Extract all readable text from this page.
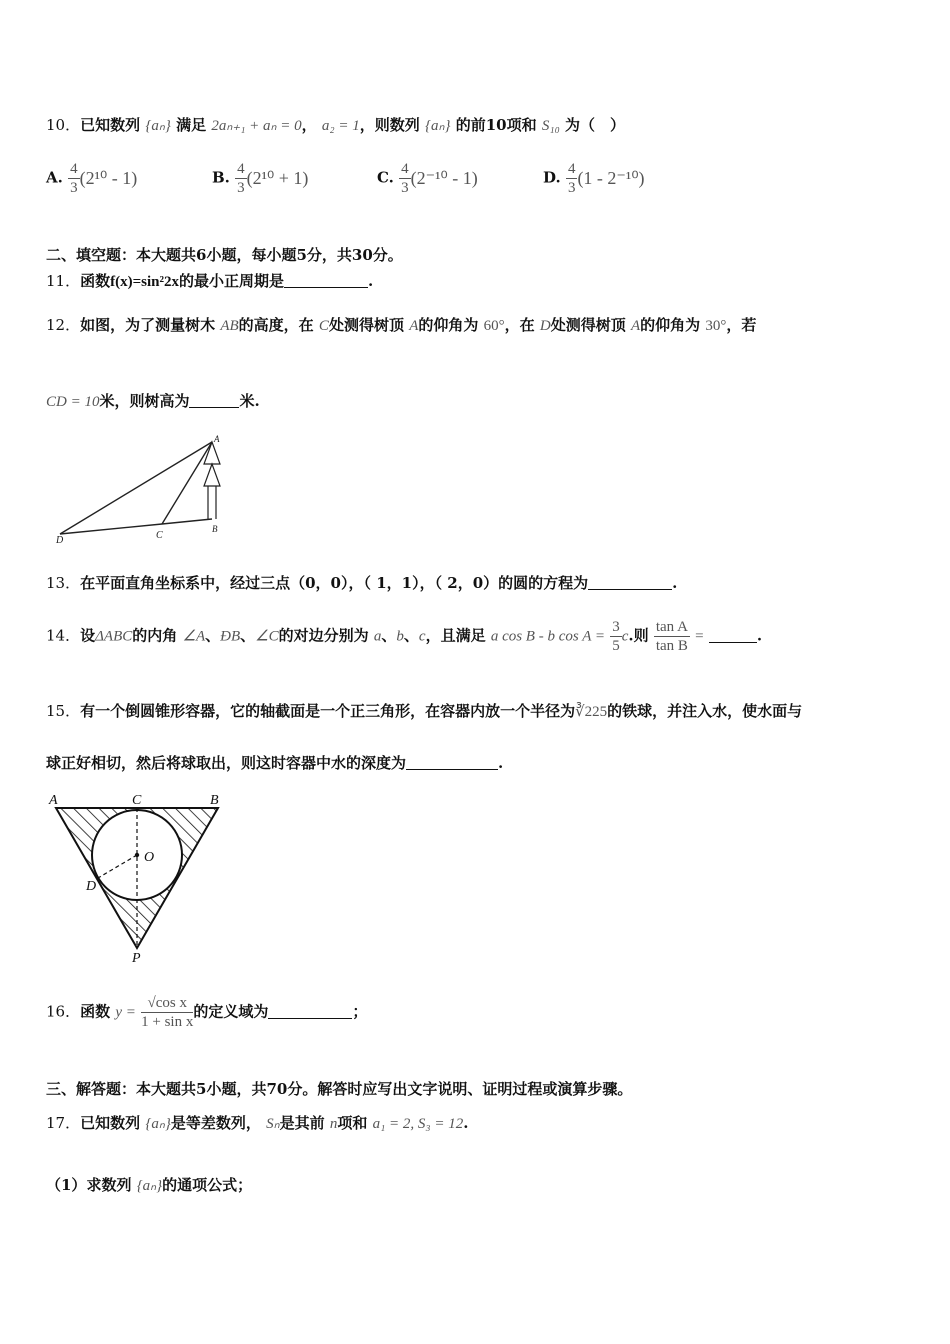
10．已知数列 {aₙ} 满足 2aₙ₊₁ + aₙ = 0， a₂ = 1，则数列 {aₙ} 的前10项和 S₁₀ 为（　）
A. $\frac{4}{3} (2^{10} - 1)$	B. $\frac{4}{3} (2^{10} + 1)$	C. $\frac{4}{3} (2^{-10} - 1)$	D. $\frac{4}{3} (1 - 2^{-10})$
二、填空题：本大题共6小题，每小题5分，共30分。
11．函数f(x)=sin²2x的最小正周期是	.
12．如图，为了测量树木 AB的高度，在 C处测得树顶 A的仰角为 60°，在 D处测得树顶 A的仰角为 30°，若
CD = 10米，则树高为	米.
A
B
C
D
13．在平面直角坐标系中，经过三点（0，0），（ 1，1），（ 2，0）的圆的方程为	.
14．设ΔABC的内角 ∠A、ÐB、∠C的对边分别为 a、b、c，且满足 a cos B - b $\cos A = \frac{3}{5} c$.则 $\frac{\text{tan A}}{\text{tan B}}$ =	.
15．有一个倒圆锥形容器，它的轴截面是一个正三角形，在容器内放一个半径为∛225的铁球，并注入水，使水面与
球正好相切，然后将球取出，则这时容器中水的深度为	.
A	C	B
O
D
P
16．函数 $y = \frac{\text{√cos x}}{\text{1 + sin x}}$ 的定义域为	；
三、解答题：本大题共5小题，共70分。解答时应写出文字说明、证明过程或演算步骤。
17．已知数列 {aₙ}是等差数列， Sₙ是其前 n项和 a₁ = 2, S₃ = 12.
（1）求数列 {aₙ}的通项公式；
